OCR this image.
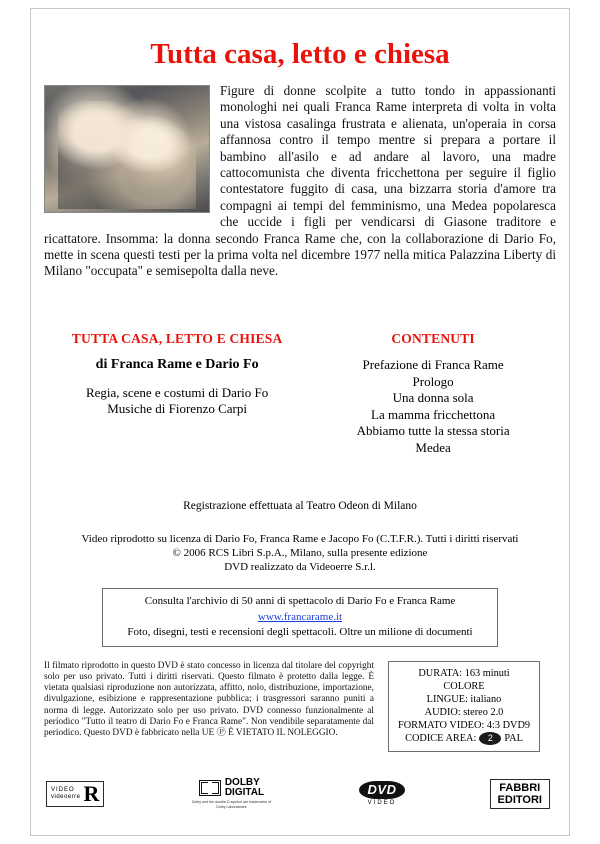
Tutta casa, letto e chiesa
Figure di donne scolpite a tutto tondo in appassionanti monologhi nei quali Franca Rame interpreta di volta in volta una vistosa casalinga frustrata e alienata, un'operaia in corsa affannosa contro il tempo mentre si prepara a portare il bambino all'asilo e ad andare al lavoro, una madre cattocomunista che diventa fricchettona per seguire il figlio contestatore fuggito di casa, una bizzarra storia d'amore tra compagni ai tempi del femminismo, una Medea popolaresca che uccide i figli per vendicarsi di Giasone traditore e ricattatore. Insomma: la donna secondo Franca Rame che, con la collaborazione di Dario Fo, mette in scena questi testi per la prima volta nel dicembre 1977 nella mitica Palazzina Liberty di Milano "occupata" e semisepolta dalla neve.
TUTTA CASA, LETTO E CHIESA
di Franca Rame e Dario Fo
Regia, scene e costumi di Dario Fo
Musiche di Fiorenzo Carpi
CONTENUTI
Prefazione di Franca Rame
Prologo
Una donna sola
La mamma fricchettona
Abbiamo tutte la stessa storia
Medea
Registrazione effettuata al Teatro Odeon di Milano
Video riprodotto su licenza di Dario Fo, Franca Rame e Jacopo Fo (C.T.F.R.). Tutti i diritti riservati
© 2006 RCS Libri S.p.A., Milano, sulla presente edizione
DVD realizzato da Videoerre S.r.l.
Consulta l'archivio di 50 anni di spettacolo di Dario Fo e Franca Rame
www.francarame.it
Foto, disegni, testi e recensioni degli spettacoli. Oltre un milione di documenti
Il filmato riprodotto in questo DVD è stato concesso in licenza dal titolare del copyright solo per uso privato. Tutti i diritti riservati. Questo filmato è protetto dalla legge. È vietata qualsiasi riproduzione non autorizzata, affitto, nolo, distribuzione, importazione, divulgazione, esibizione e rappresentazione pubblica; i trasgressori saranno puniti a norma di legge. Autorizzato solo per uso privato. DVD connesso funzionalmente al periodico "Tutto il teatro di Dario Fo e Franca Rame". Non vendibile separatamente dal periodico. Questo DVD è fabbricato nella UE Ⓟ È VIETATO IL NOLEGGIO.
DURATA: 163 minuti
COLORE
LINGUE: italiano
AUDIO: stereo 2.0
FORMATO VIDEO: 4:3 DVD9
CODICE AREA:	2	PAL
VIDEO
videoerre R	DOLBY
DIGITAL
Dolby and the double-D symbol are trademarks of Dolby Laboratories
DVD
VIDEO
FABBRI
EDITORI
